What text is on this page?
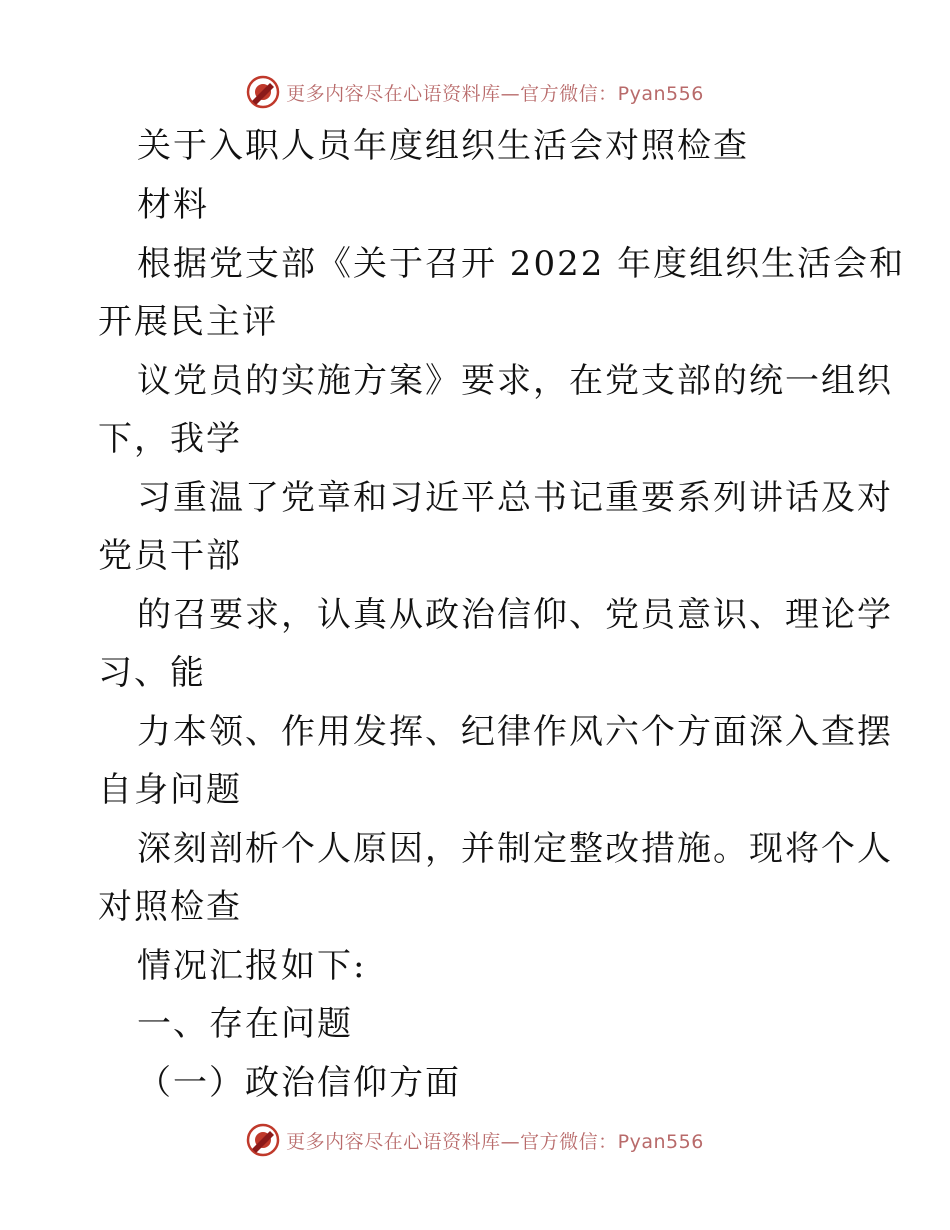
更多内容尽在心语资料库—官方微信：Pyan556
关于入职人员年度组织生活会对照检查
材料
根据党支部《关于召开 2022 年度组织生活会和
开展民主评
议党员的实施方案》要求，在党支部的统一组织
下，我学
习重温了党章和习近平总书记重要系列讲话及对
党员干部
的召要求，认真从政治信仰、党员意识、理论学
习、能
力本领、作用发挥、纪律作风六个方面深入查摆
自身问题
深刻剖析个人原因，并制定整改措施。现将个人
对照检查
情况汇报如下:
一、存在问题
（一）政治信仰方面
更多内容尽在心语资料库—官方微信：Pyan556
